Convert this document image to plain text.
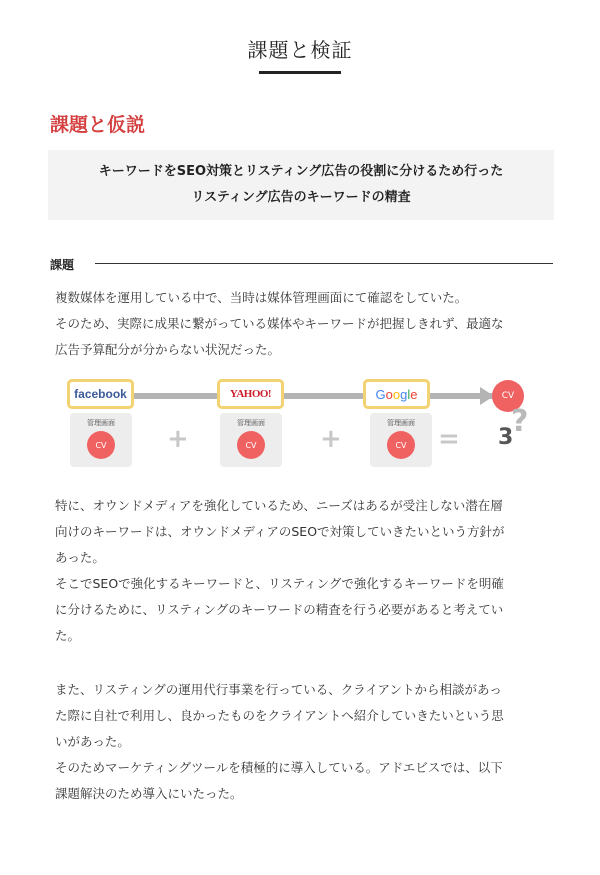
課題と検証
課題と仮説
キーワードをSEO対策とリスティング広告の役割に分けるため行った
リスティング広告のキーワードの精査
課題

複数媒体を運用している中で、当時は媒体管理画面にて確認をしていた。
そのため、実際に成果に繋がっている媒体やキーワードが把握しきれず、最適な
広告予算配分が分からない状況だった。

facebook	YAHOO!	Google	CV
管理画面
CV	+
管理画面
CV	+
管理画面
CV	= 3
?

特に、オウンドメディアを強化しているため、ニーズはあるが受注しない潜在層
向けのキーワードは、オウンドメディアのSEOで対策していきたいという方針が
あった。

そこでSEOで強化するキーワードと、リスティングで強化するキーワードを明確
に分けるために、リスティングのキーワードの精査を行う必要があると考えてい
た。

また、リスティングの運用代行事業を行っている、クライアントから相談があっ
た際に自社で利用し、良かったものをクライアントへ紹介していきたいという思
いがあった。
そのためマーケティングツールを積極的に導入している。アドエビスでは、以下
課題解決のため導入にいたった。
